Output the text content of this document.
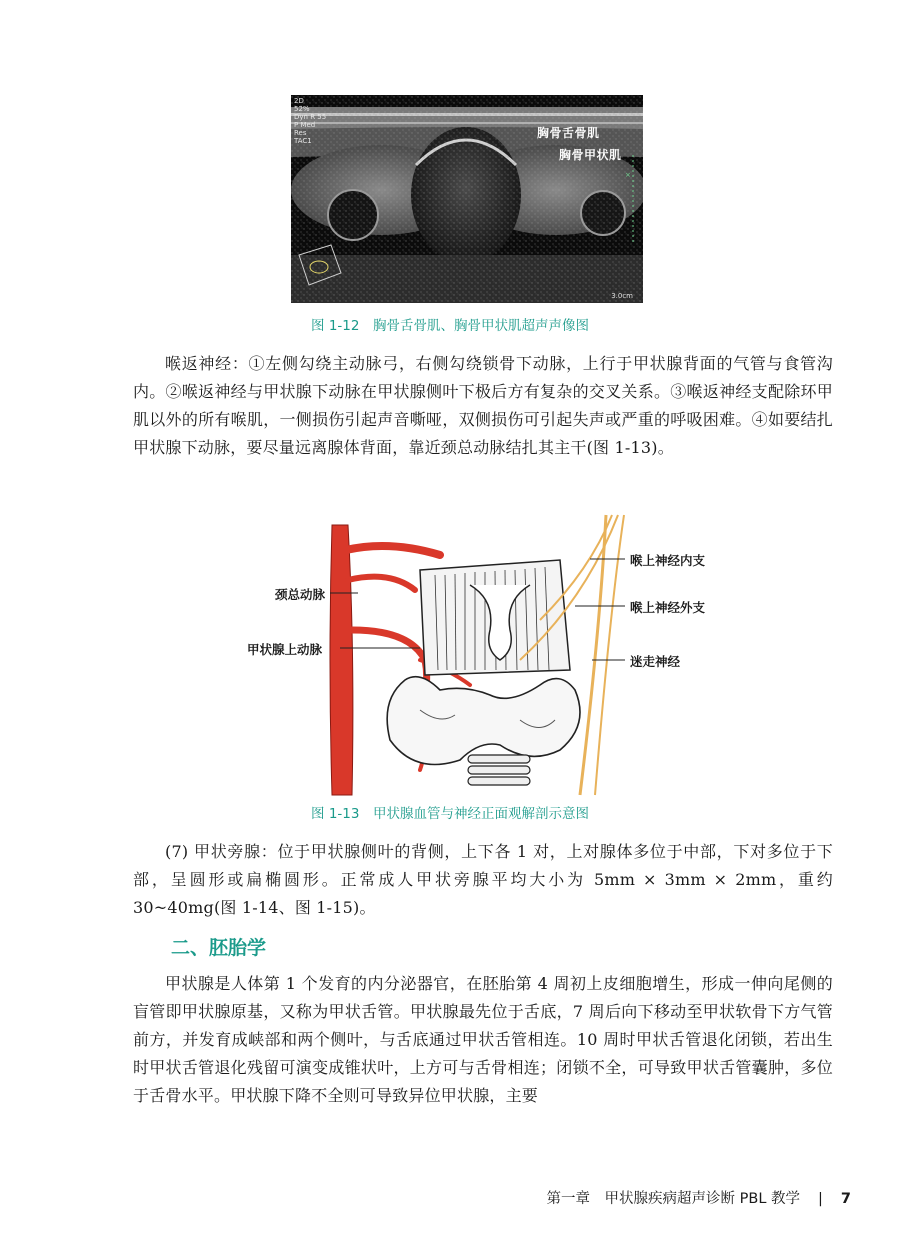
×
2D
52%
Dyn R 55
P Med
Res
TAC1
胸骨舌骨肌
胸骨甲状肌
3.0cm
图 1-12　胸骨舌骨肌、胸骨甲状肌超声声像图

喉返神经：①左侧勾绕主动脉弓，右侧勾绕锁骨下动脉，上行于甲状腺背面的气管与食管沟内。②喉返神经与甲状腺下动脉在甲状腺侧叶下极后方有复杂的交叉关系。③喉返神经支配除环甲肌以外的所有喉肌，一侧损伤引起声音嘶哑，双侧损伤可引起失声或严重的呼吸困难。④如要结扎甲状腺下动脉，要尽量远离腺体背面，靠近颈总动脉结扎其主干(图 1-13)。

颈总动脉
甲状腺上动脉
喉上神经内支
喉上神经外支
迷走神经
图 1-13　甲状腺血管与神经正面观解剖示意图

(7) 甲状旁腺：位于甲状腺侧叶的背侧，上下各 1 对，上对腺体多位于中部，下对多位于下部，呈圆形或扁椭圆形。正常成人甲状旁腺平均大小为 5mm × 3mm × 2mm，重约30~40mg(图 1-14、图 1-15)。

二、胚胎学

甲状腺是人体第 1 个发育的内分泌器官，在胚胎第 4 周初上皮细胞增生，形成一伸向尾侧的盲管即甲状腺原基，又称为甲状舌管。甲状腺最先位于舌底，7 周后向下移动至甲状软骨下方气管前方，并发育成峡部和两个侧叶，与舌底通过甲状舌管相连。10 周时甲状舌管退化闭锁，若出生时甲状舌管退化残留可演变成锥状叶，上方可与舌骨相连；闭锁不全，可导致甲状舌管囊肿，多位于舌骨水平。甲状腺下降不全则可导致异位甲状腺，主要

第一章　甲状腺疾病超声诊断 PBL 教学 | 7
